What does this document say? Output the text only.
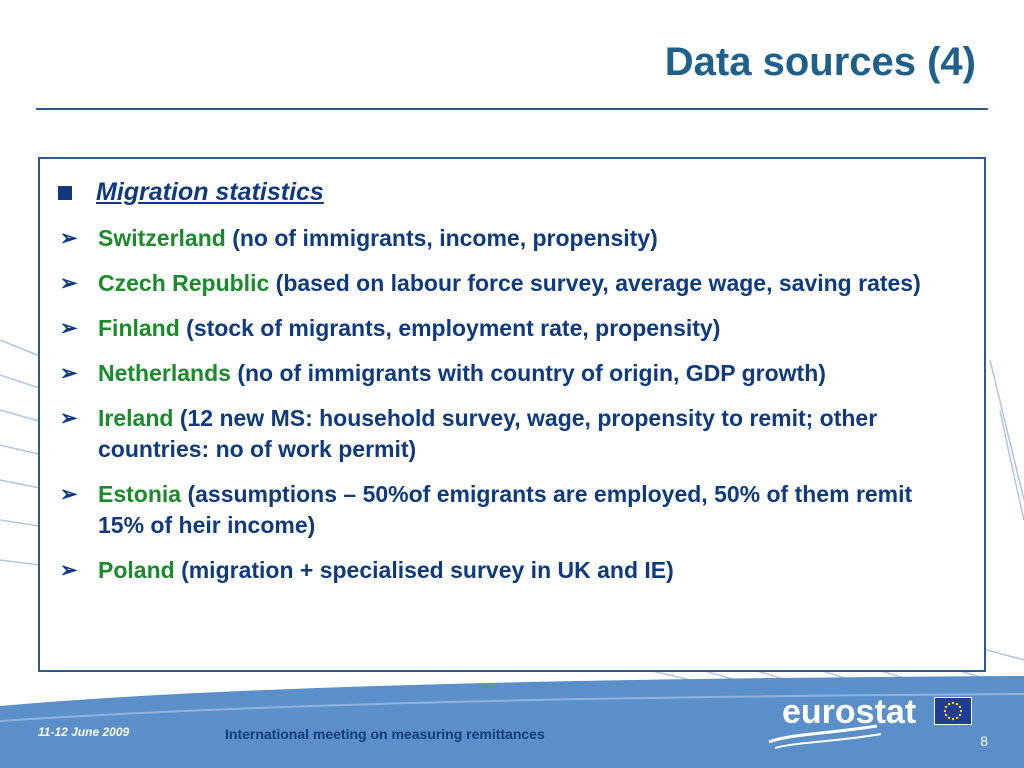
Data sources (4)
Migration statistics
➢ Switzerland (no of immigrants, income, propensity)
➢ Czech Republic (based on labour force survey, average wage, saving rates)
➢ Finland (stock of migrants, employment rate, propensity)
➢ Netherlands (no of immigrants with country of origin, GDP growth)
➢ Ireland (12 new MS: household survey, wage, propensity to remit; other countries: no of work permit)
➢ Estonia (assumptions – 50%of emigrants are employed, 50% of them remit 15% of heir income)
➢ Poland (migration + specialised survey in UK and IE)
11-12 June 2009	International meeting on measuring remittances	8
eurostat
